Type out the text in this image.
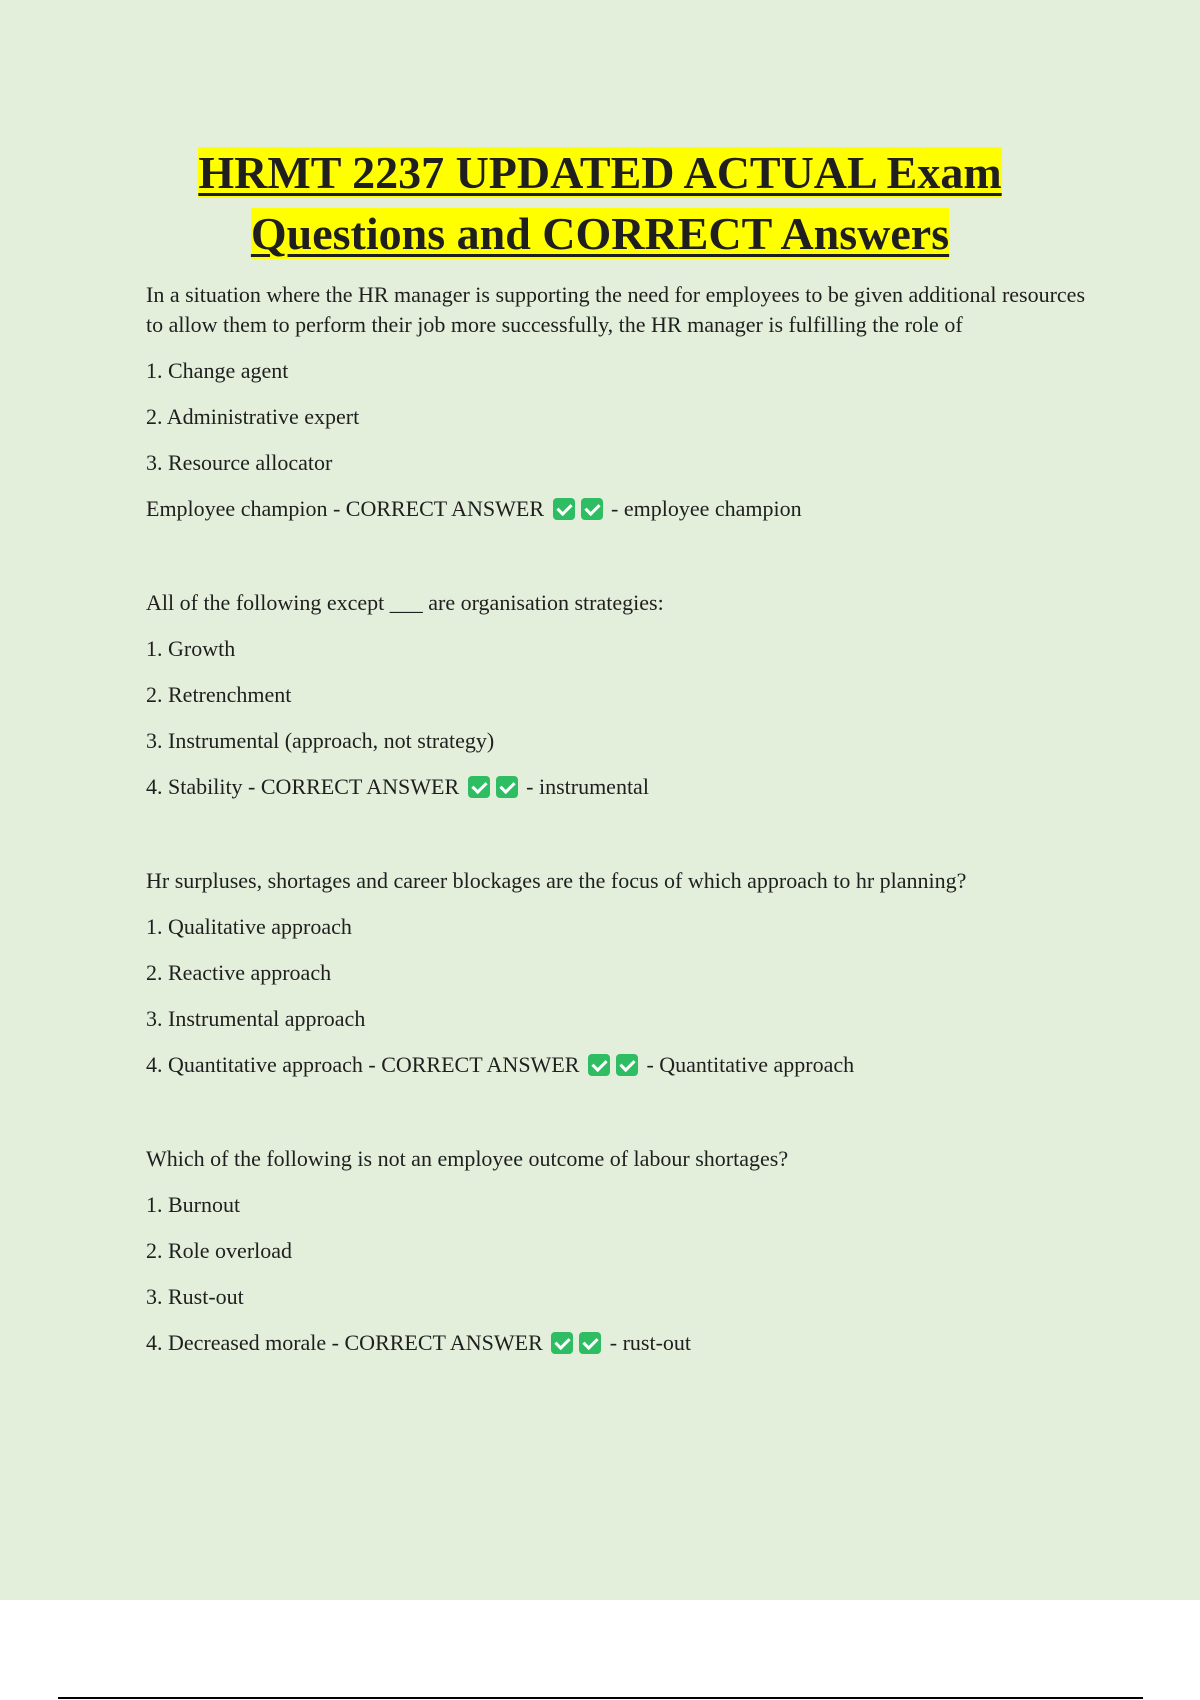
HRMT 2237 UPDATED ACTUAL Exam
Questions and CORRECT Answers

In a situation where the HR manager is supporting the need for employees to be given additional resources to allow them to perform their job more successfully, the HR manager is fulfilling the role of

1. Change agent
2. Administrative expert
3. Resource allocator
Employee champion - CORRECT ANSWER	- employee champion

All of the following except ___ are organisation strategies:

1. Growth
2. Retrenchment
3. Instrumental (approach, not strategy)
4. Stability - CORRECT ANSWER	- instrumental

Hr surpluses, shortages and career blockages are the focus of which approach to hr planning?

1. Qualitative approach
2. Reactive approach
3. Instrumental approach
4. Quantitative approach - CORRECT ANSWER	- Quantitative approach

Which of the following is not an employee outcome of labour shortages?

1. Burnout
2. Role overload
3. Rust-out
4. Decreased morale - CORRECT ANSWER	- rust-out
